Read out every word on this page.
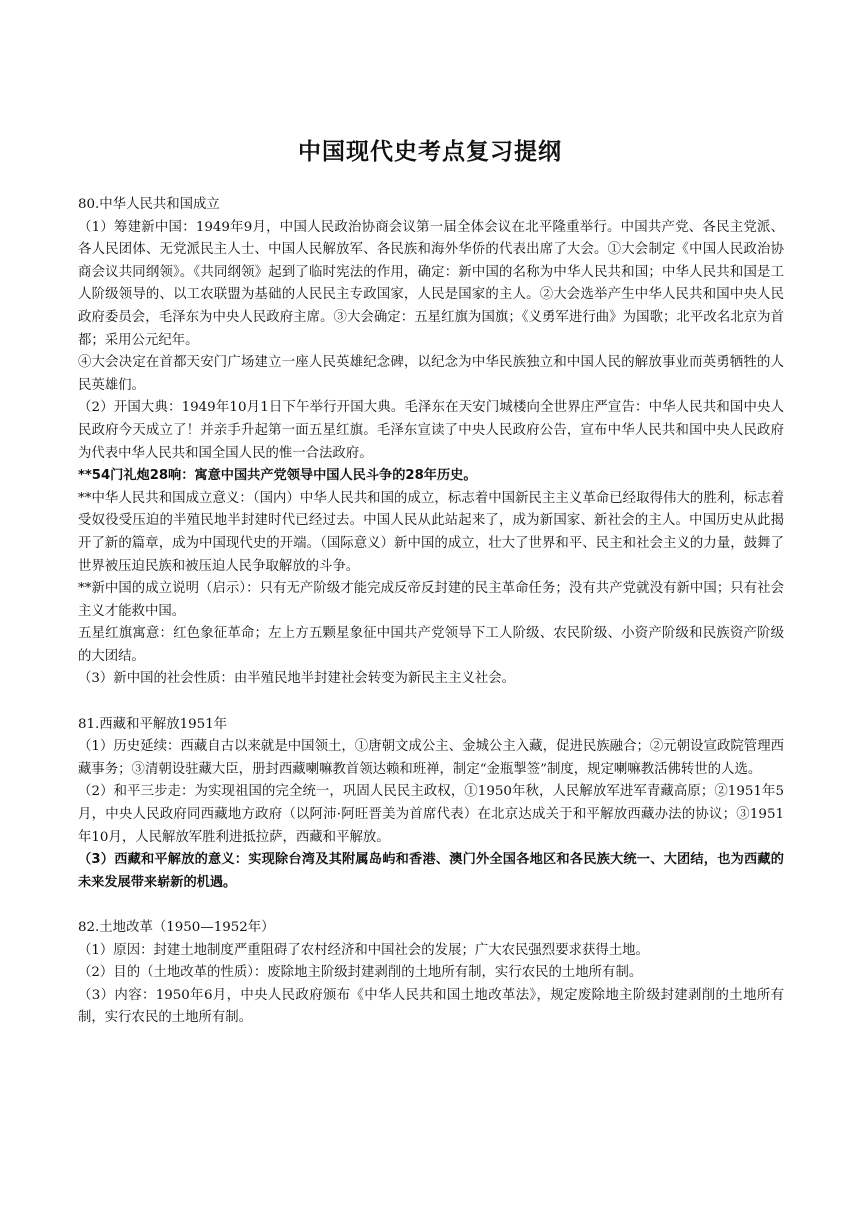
中国现代史考点复习提纲

80.中华人民共和国成立

（1）筹建新中国：1949年9月，中国人民政治协商会议第一届全体会议在北平隆重举行。中国共产党、各民主党派、各人民团体、无党派民主人士、中国人民解放军、各民族和海外华侨的代表出席了大会。①大会制定《中国人民政治协商会议共同纲领》。《共同纲领》起到了临时宪法的作用，确定：新中国的名称为中华人民共和国；中华人民共和国是工人阶级领导的、以工农联盟为基础的人民民主专政国家，人民是国家的主人。②大会选举产生中华人民共和国中央人民政府委员会，毛泽东为中央人民政府主席。③大会确定：五星红旗为国旗；《义勇军进行曲》为国歌；北平改名北京为首都；采用公元纪年。

④大会决定在首都天安门广场建立一座人民英雄纪念碑，以纪念为中华民族独立和中国人民的解放事业而英勇牺牲的人民英雄们。

（2）开国大典：1949年10月1日下午举行开国大典。毛泽东在天安门城楼向全世界庄严宣告：中华人民共和国中央人民政府今天成立了！并亲手升起第一面五星红旗。毛泽东宣读了中央人民政府公告，宣布中华人民共和国中央人民政府为代表中华人民共和国全国人民的惟一合法政府。

**54门礼炮28响：寓意中国共产党领导中国人民斗争的28年历史。

**中华人民共和国成立意义：（国内）中华人民共和国的成立，标志着中国新民主主义革命已经取得伟大的胜利，标志着受奴役受压迫的半殖民地半封建时代已经过去。中国人民从此站起来了，成为新国家、新社会的主人。中国历史从此揭开了新的篇章，成为中国现代史的开端。（国际意义）新中国的成立，壮大了世界和平、民主和社会主义的力量，鼓舞了世界被压迫民族和被压迫人民争取解放的斗争。

**新中国的成立说明（启示）：只有无产阶级才能完成反帝反封建的民主革命任务；没有共产党就没有新中国；只有社会主义才能救中国。

五星红旗寓意：红色象征革命；左上方五颗星象征中国共产党领导下工人阶级、农民阶级、小资产阶级和民族资产阶级的大团结。

（3）新中国的社会性质：由半殖民地半封建社会转变为新民主主义社会。

81.西藏和平解放1951年

（1）历史延续：西藏自古以来就是中国领土，①唐朝文成公主、金城公主入藏，促进民族融合；②元朝设宣政院管理西藏事务；③清朝设驻藏大臣，册封西藏喇嘛教首领达赖和班禅，制定“金瓶掣签”制度，规定喇嘛教活佛转世的人选。

（2）和平三步走：为实现祖国的完全统一，巩固人民民主政权，①1950年秋，人民解放军进军青藏高原；②1951年5月，中央人民政府同西藏地方政府（以阿沛·阿旺晋美为首席代表）在北京达成关于和平解放西藏办法的协议；③1951年10月，人民解放军胜利进抵拉萨，西藏和平解放。

（3）西藏和平解放的意义：实现除台湾及其附属岛屿和香港、澳门外全国各地区和各民族大统一、大团结，也为西藏的未来发展带来崭新的机遇。

82.土地改革（1950—1952年）

（1）原因：封建土地制度严重阻碍了农村经济和中国社会的发展；广大农民强烈要求获得土地。

（2）目的（土地改革的性质）：废除地主阶级封建剥削的土地所有制，实行农民的土地所有制。

（3）内容：1950年6月，中央人民政府颁布《中华人民共和国土地改革法》，规定废除地主阶级封建剥削的土地所有制，实行农民的土地所有制。
